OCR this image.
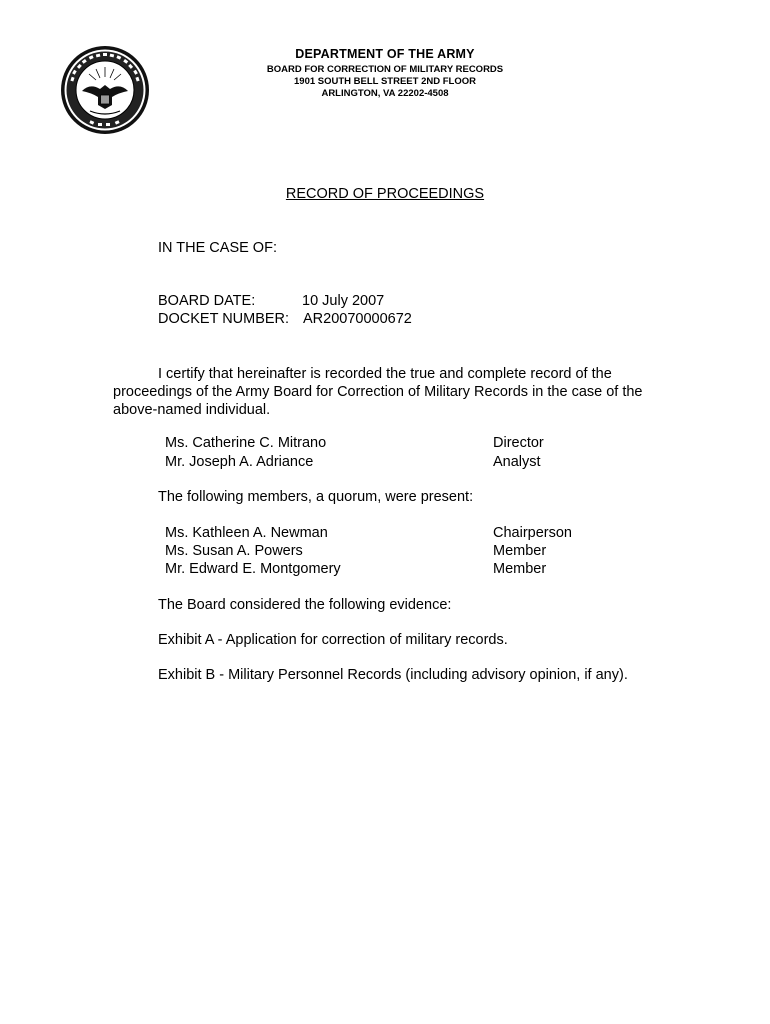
DEPARTMENT OF THE ARMY
BOARD FOR CORRECTION OF MILITARY RECORDS
1901 SOUTH BELL STREET 2ND FLOOR
ARLINGTON, VA 22202-4508
RECORD OF PROCEEDINGS
IN THE CASE OF:
BOARD DATE:	10 July 2007
DOCKET NUMBER: AR20070000672
I certify that hereinafter is recorded the true and complete record of the proceedings of the Army Board for Correction of Military Records in the case of the above-named individual.
Ms. Catherine C. Mitrano	Director
Mr. Joseph A. Adriance	Analyst
The following members, a quorum, were present:
Ms. Kathleen A. Newman	Chairperson
Ms. Susan A. Powers	Member
Mr. Edward E. Montgomery	Member
The Board considered the following evidence:
Exhibit A - Application for correction of military records.
Exhibit B - Military Personnel Records (including advisory opinion, if any).
